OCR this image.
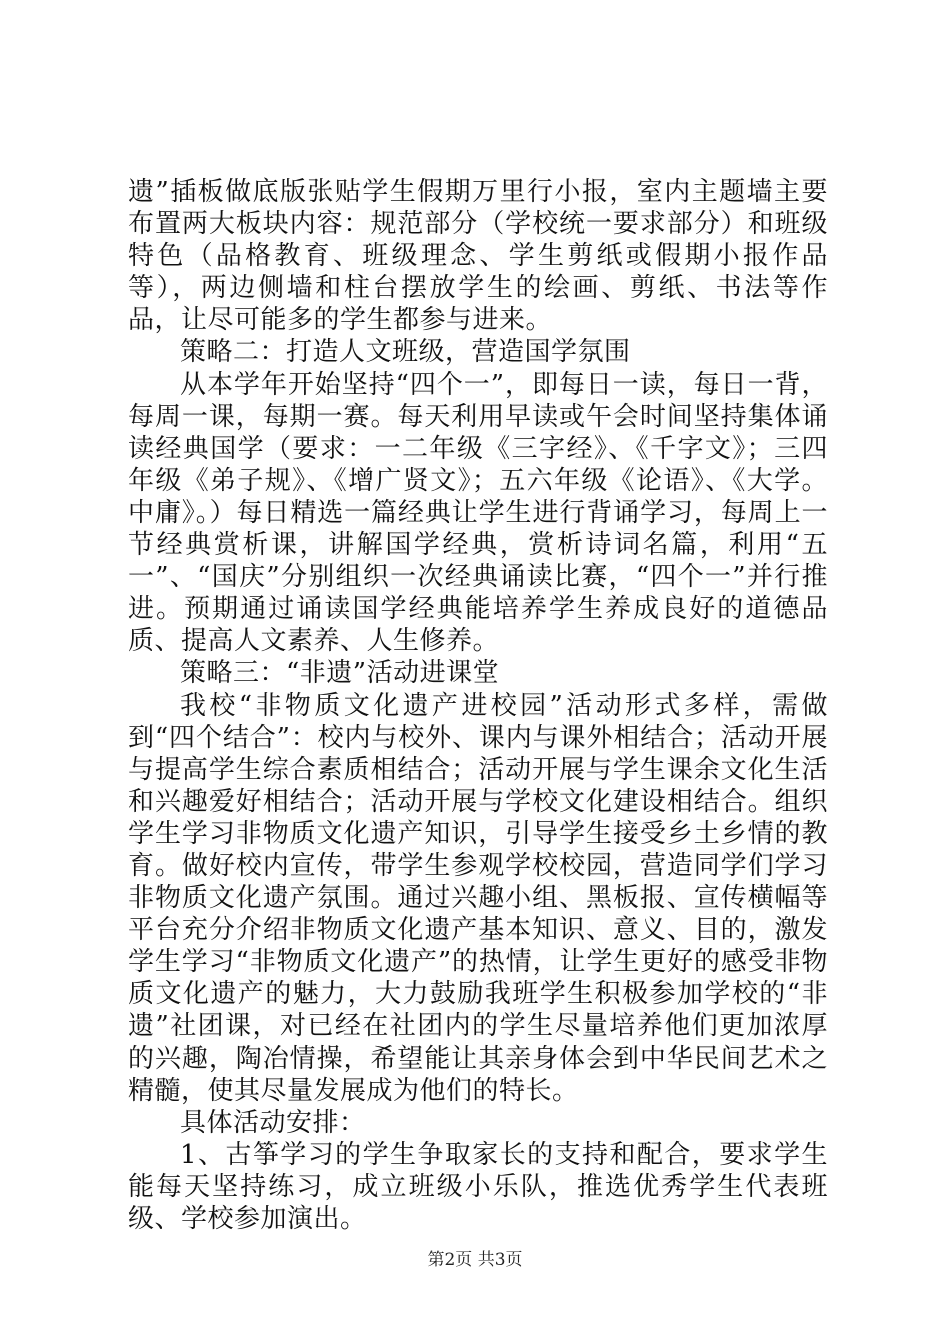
遗”插板做底版张贴学生假期万里行小报，室内主题墙主要布置两大板块内容：规范部分（学校统一要求部分）和班级特色（品格教育、班级理念、学生剪纸或假期小报作品等），两边侧墙和柱台摆放学生的绘画、剪纸、书法等作品，让尽可能多的学生都参与进来。

策略二：打造人文班级，营造国学氛围

从本学年开始坚持“四个一”，即每日一读，每日一背，每周一课，每期一赛。每天利用早读或午会时间坚持集体诵读经典国学（要求：一二年级《三字经》、《千字文》；三四年级《弟子规》、《增广贤文》；五六年级《论语》、《大学。中庸》。）每日精选一篇经典让学生进行背诵学习，每周上一节经典赏析课，讲解国学经典，赏析诗词名篇，利用“五一”、“国庆”分别组织一次经典诵读比赛，“四个一”并行推进。预期通过诵读国学经典能培养学生养成良好的道德品质、提高人文素养、人生修养。

策略三：“非遗”活动进课堂

我校“非物质文化遗产进校园”活动形式多样，需做到“四个结合”：校内与校外、课内与课外相结合；活动开展与提高学生综合素质相结合；活动开展与学生课余文化生活和兴趣爱好相结合；活动开展与学校文化建设相结合。组织学生学习非物质文化遗产知识，引导学生接受乡土乡情的教育。做好校内宣传，带学生参观学校校园，营造同学们学习非物质文化遗产氛围。通过兴趣小组、黑板报、宣传横幅等平台充分介绍非物质文化遗产基本知识、意义、目的，激发学生学习“非物质文化遗产”的热情，让学生更好的感受非物质文化遗产的魅力，大力鼓励我班学生积极参加学校的“非遗”社团课，对已经在社团内的学生尽量培养他们更加浓厚的兴趣，陶冶情操，希望能让其亲身体会到中华民间艺术之精髓，使其尽量发展成为他们的特长。

具体活动安排：

1、古筝学习的学生争取家长的支持和配合，要求学生能每天坚持练习，成立班级小乐队，推选优秀学生代表班级、学校参加演出。

第2页 共3页
